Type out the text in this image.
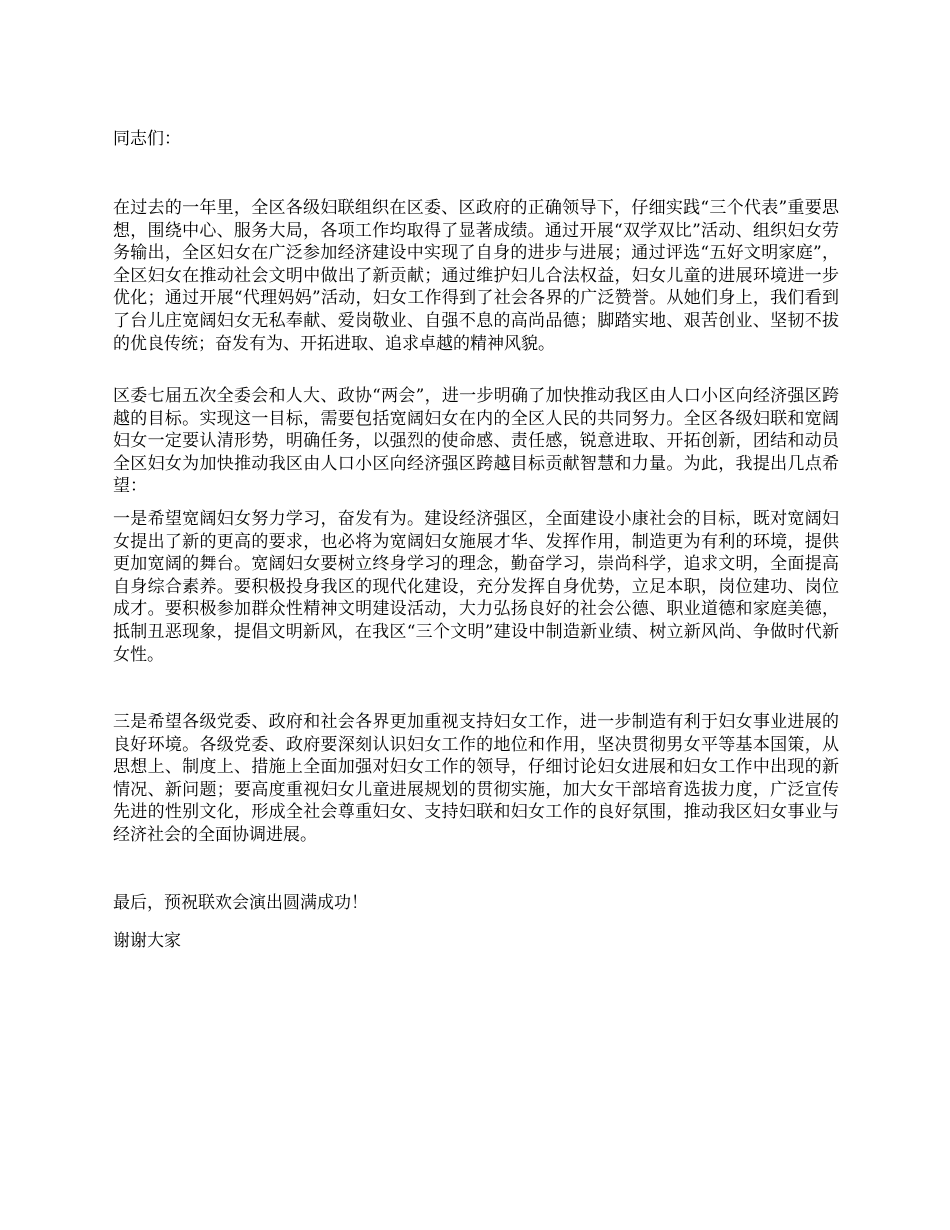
同志们：

在过去的一年里，全区各级妇联组织在区委、区政府的正确领导下，仔细实践“三个代表”重要思想，围绕中心、服务大局，各项工作均取得了显著成绩。通过开展“双学双比”活动、组织妇女劳务输出，全区妇女在广泛参加经济建设中实现了自身的进步与进展；通过评选“五好文明家庭”，全区妇女在推动社会文明中做出了新贡献；通过维护妇儿合法权益，妇女儿童的进展环境进一步优化；通过开展“代理妈妈”活动，妇女工作得到了社会各界的广泛赞誉。从她们身上，我们看到了台儿庄宽阔妇女无私奉献、爱岗敬业、自强不息的高尚品德；脚踏实地、艰苦创业、坚韧不拔的优良传统；奋发有为、开拓进取、追求卓越的精神风貌。

区委七届五次全委会和人大、政协“两会”，进一步明确了加快推动我区由人口小区向经济强区跨越的目标。实现这一目标，需要包括宽阔妇女在内的全区人民的共同努力。全区各级妇联和宽阔妇女一定要认清形势，明确任务，以强烈的使命感、责任感，锐意进取、开拓创新，团结和动员全区妇女为加快推动我区由人口小区向经济强区跨越目标贡献智慧和力量。为此，我提出几点希望：

一是希望宽阔妇女努力学习，奋发有为。建设经济强区，全面建设小康社会的目标，既对宽阔妇女提出了新的更高的要求，也必将为宽阔妇女施展才华、发挥作用，制造更为有利的环境，提供更加宽阔的舞台。宽阔妇女要树立终身学习的理念，勤奋学习，崇尚科学，追求文明，全面提高自身综合素养。要积极投身我区的现代化建设，充分发挥自身优势，立足本职，岗位建功、岗位成才。要积极参加群众性精神文明建设活动，大力弘扬良好的社会公德、职业道德和家庭美德，抵制丑恶现象，提倡文明新风，在我区“三个文明”建设中制造新业绩、树立新风尚、争做时代新女性。

三是希望各级党委、政府和社会各界更加重视支持妇女工作，进一步制造有利于妇女事业进展的良好环境。各级党委、政府要深刻认识妇女工作的地位和作用，坚决贯彻男女平等基本国策，从思想上、制度上、措施上全面加强对妇女工作的领导，仔细讨论妇女进展和妇女工作中出现的新情况、新问题；要高度重视妇女儿童进展规划的贯彻实施，加大女干部培育选拔力度，广泛宣传先进的性别文化，形成全社会尊重妇女、支持妇联和妇女工作的良好氛围，推动我区妇女事业与经济社会的全面协调进展。

最后，预祝联欢会演出圆满成功！

谢谢大家
